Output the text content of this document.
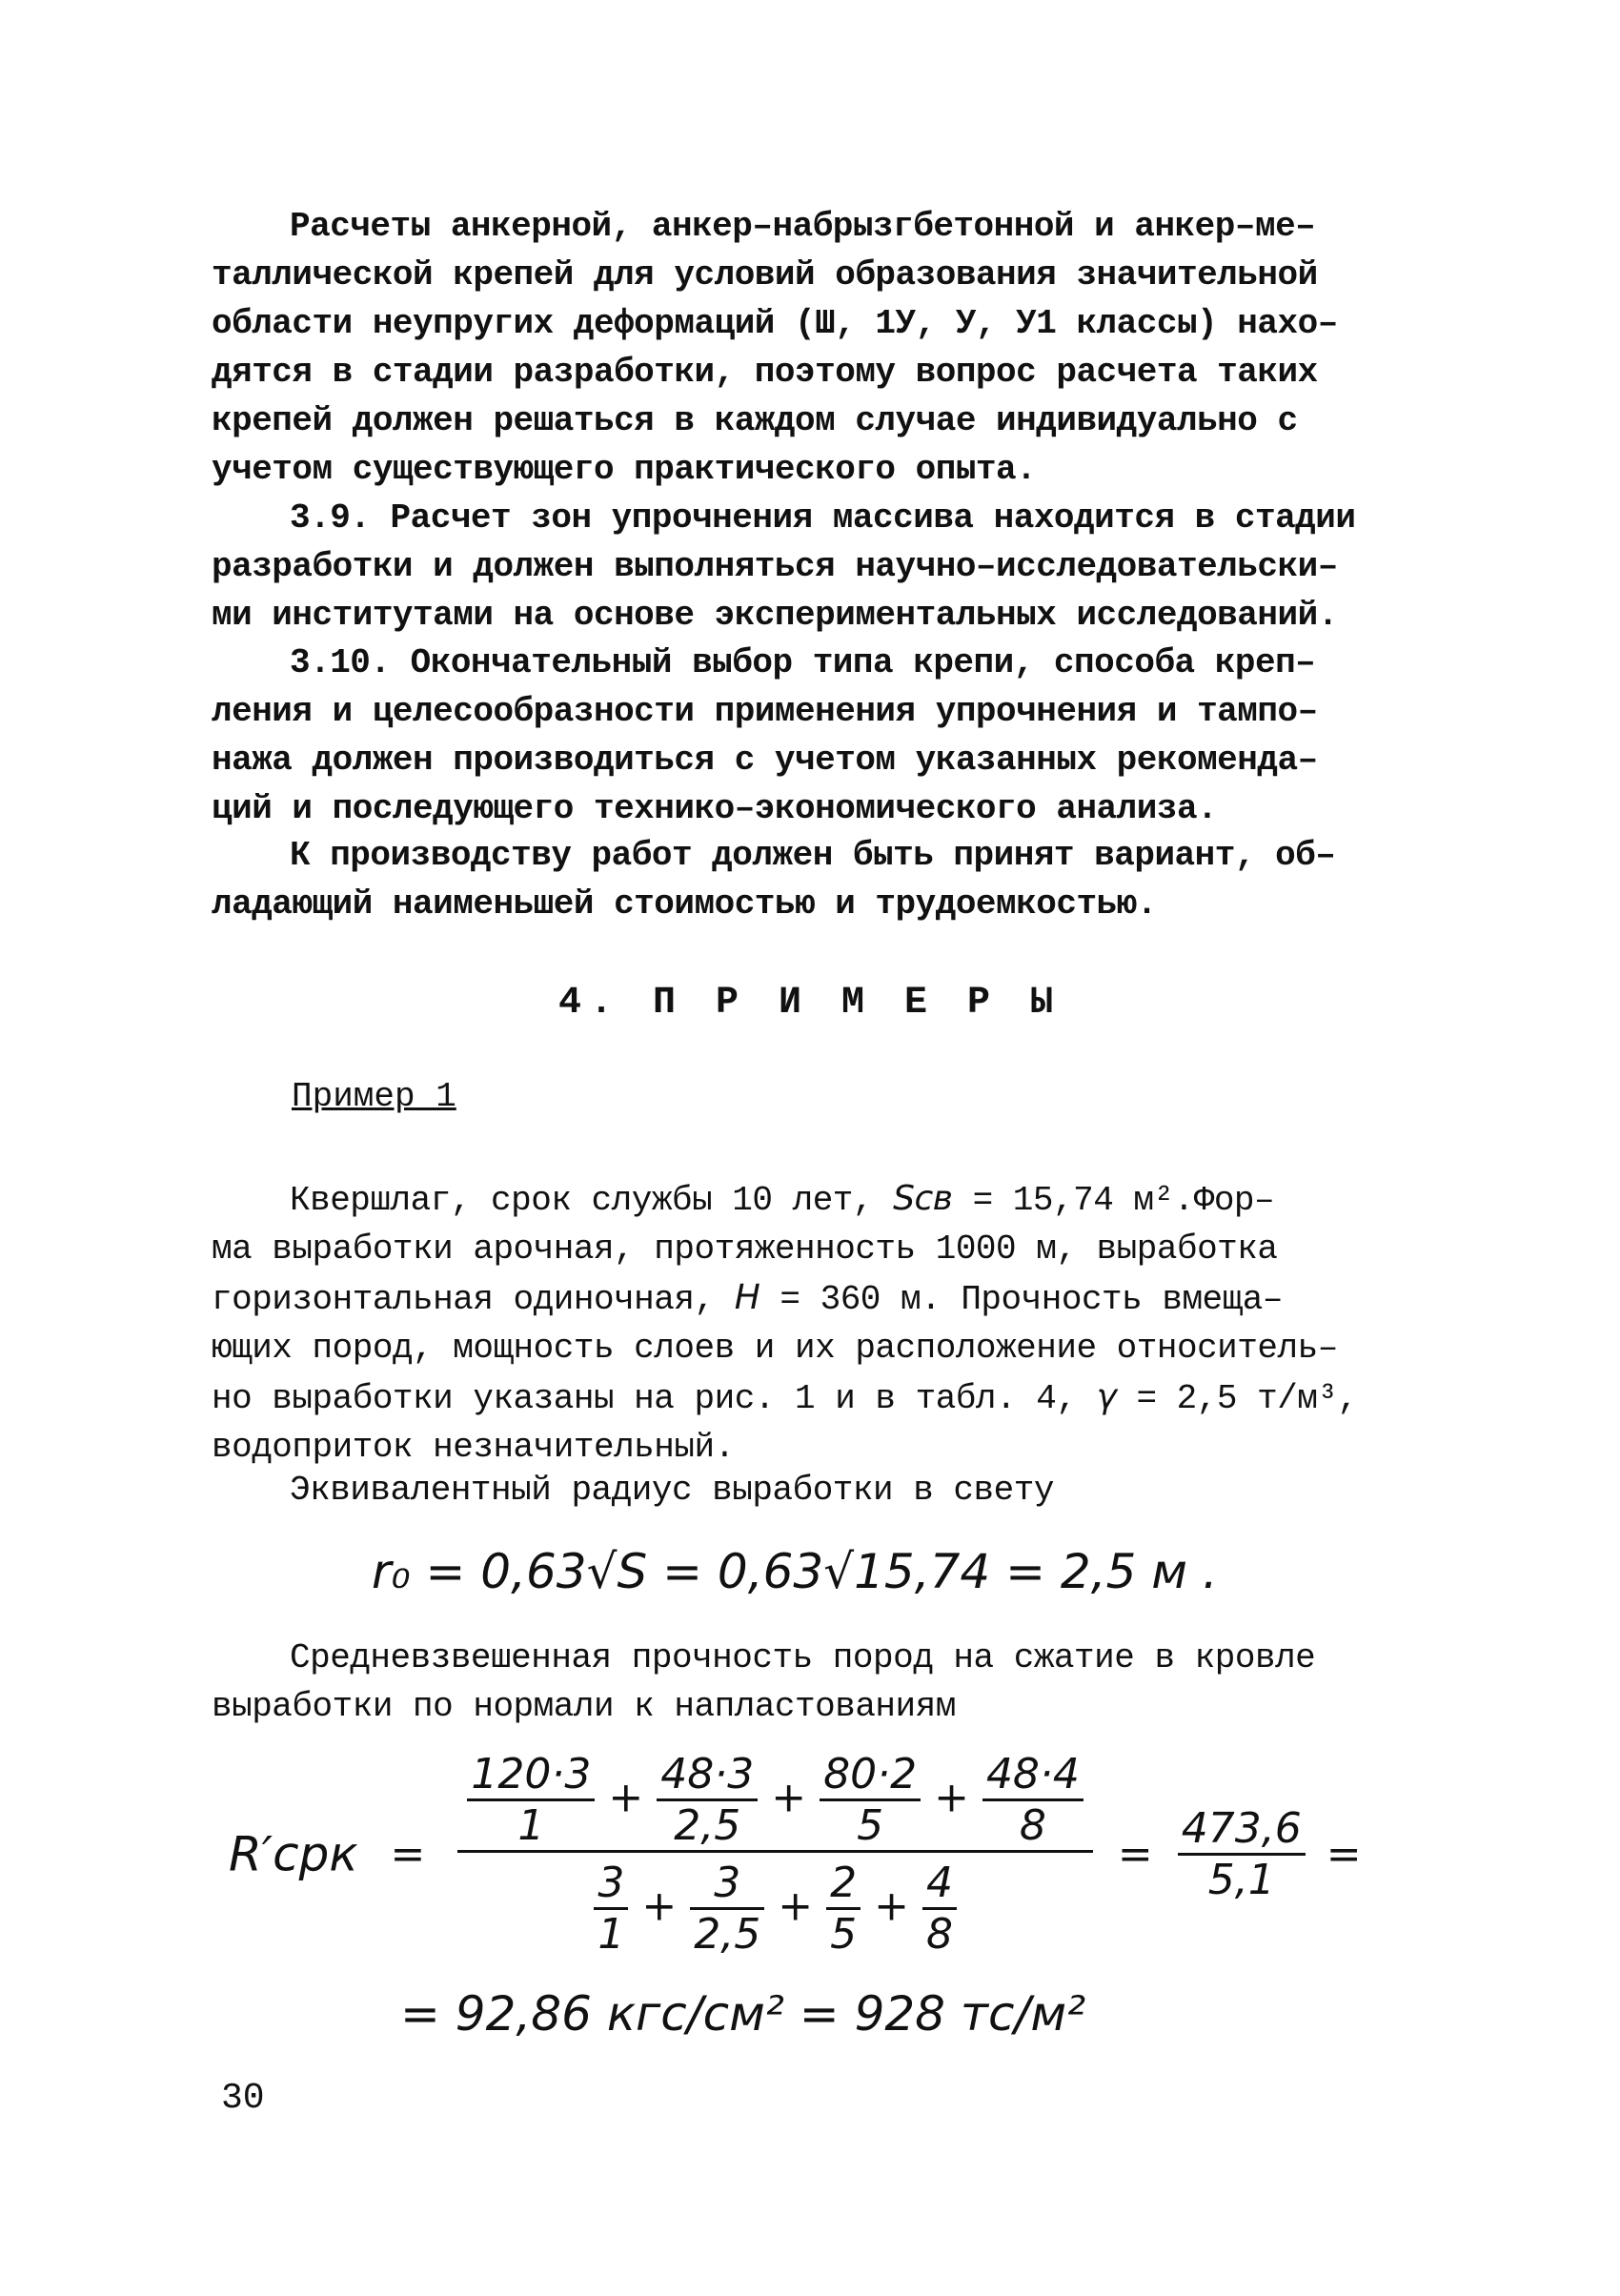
Расчеты анкерной, анкер–набрызгбетонной и анкер–ме–
таллической крепей для условий образования значительной
области неупругих деформаций (Ш, 1У, У, У1 классы) нахо–
дятся в стадии разработки, поэтому вопрос расчета таких
крепей должен решаться в каждом случае индивидуально с
учетом существующего практического опыта.
3.9. Расчет зон упрочнения массива находится в стадии
разработки и должен выполняться научно–исследовательски–
ми институтами на основе экспериментальных исследований.
3.10. Окончательный выбор типа крепи, способа креп–
ления и целесообразности применения упрочнения и тампо–
нажа должен производиться с учетом указанных рекоменда–
ций и последующего технико–экономического анализа.
К производству работ должен быть принят вариант, об–
ладающий наименьшей стоимостью и трудоемкостью.
4. П Р И М Е Р Ы
Пример 1
Квершлаг, срок службы 10 лет, Sсв = 15,74 м².Фор–
ма выработки арочная, протяженность 1000 м, выработка
горизонтальная одиночная, H = 360 м. Прочность вмеща–
ющих пород, мощность слоев и их расположение относитель–
но выработки указаны на рис. 1 и в табл. 4, γ = 2,5 т/м³,
водоприток незначительный.
Эквивалентный радиус выработки в свету
r₀ = 0,63√S = 0,63√15,74 = 2,5 м .
Средневзвешенная прочность пород на сжатие в кровле
выработки по нормали к напластованиям
R′срк =
$\frac{120\cdot 3}{1} + \frac{48\cdot 3}{2,5} + \frac{80\cdot 2}{5} + \frac{48\cdot 4}{8}$
$\frac{3}{1} + \frac{3}{2,5} + \frac{2}{5} + \frac{4}{8}$
= $\frac{473,6}{5,1}$ =
= 92,86 кгс/см² = 928 тс/м²
30
